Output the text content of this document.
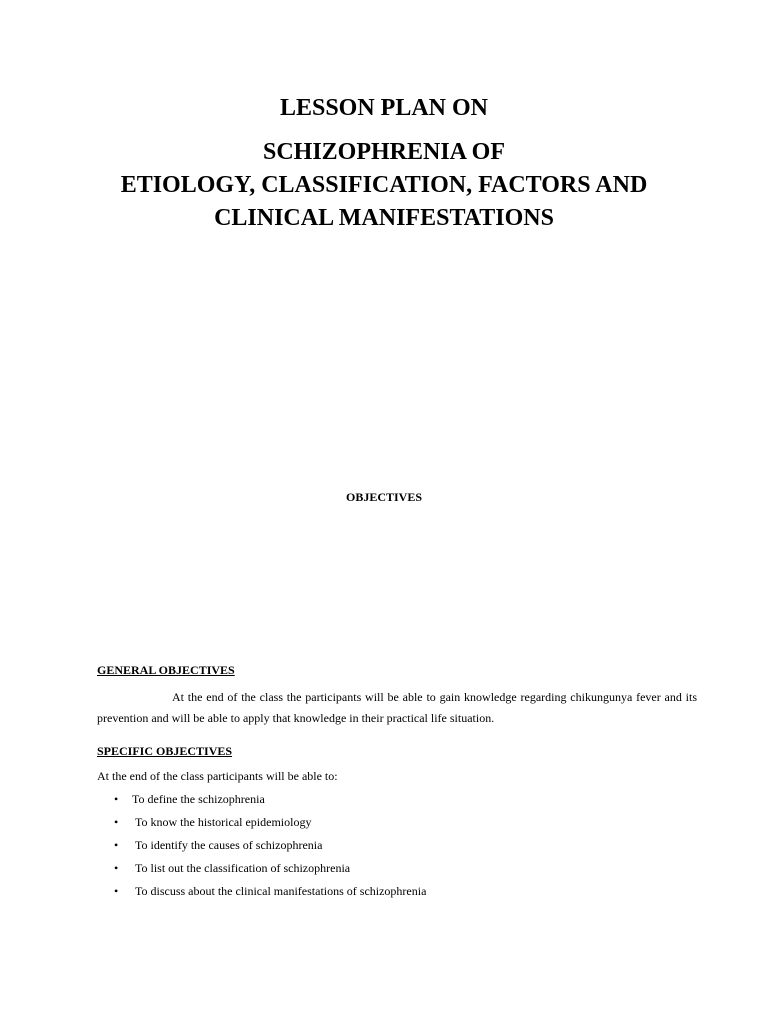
LESSON PLAN ON
SCHIZOPHRENIA OF
ETIOLOGY, CLASSIFICATION, FACTORS AND
CLINICAL MANIFESTATIONS
OBJECTIVES
GENERAL OBJECTIVES
At the end of the class the participants will be able to gain knowledge regarding chikungunya fever and its prevention and will be able to apply that knowledge in their practical life situation.
SPECIFIC OBJECTIVES
At the end of the class participants will be able to:
• To define the schizophrenia
• To know the historical epidemiology
• To identify the causes of schizophrenia
• To list out the classification of schizophrenia
• To discuss about the clinical manifestations of schizophrenia
